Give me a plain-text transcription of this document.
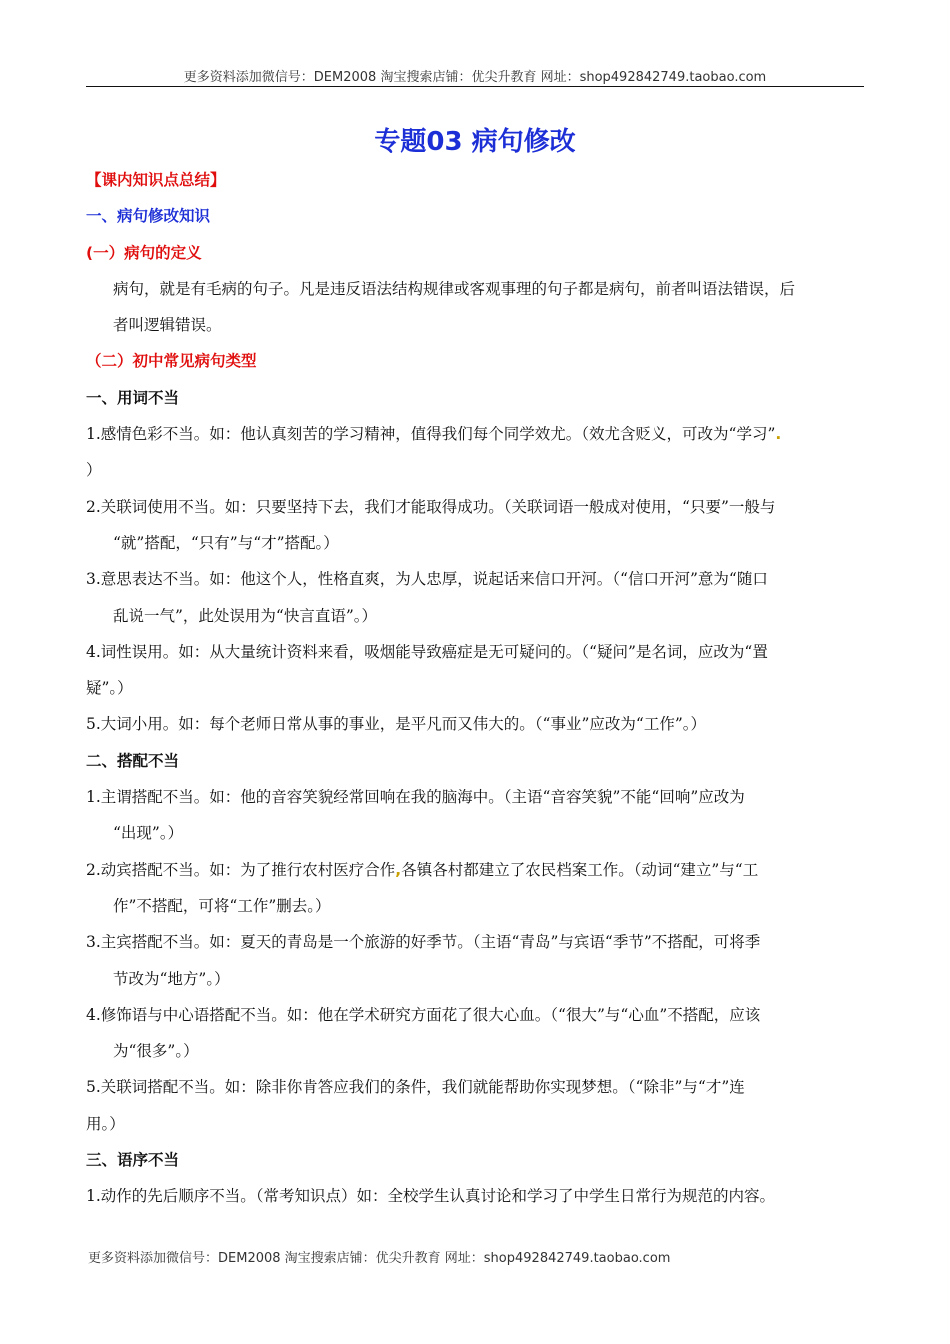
更多资料添加微信号：DEM2008 淘宝搜索店铺：优尖升教育 网址：shop492842749.taobao.com
专题03 病句修改
【课内知识点总结】
一、病句修改知识
(一）病句的定义
病句，就是有毛病的句子。凡是违反语法结构规律或客观事理的句子都是病句，前者叫语法错误，后
者叫逻辑错误。
（二）初中常见病句类型
一、用词不当
1.感情色彩不当。如：他认真刻苦的学习精神，值得我们每个同学效尤。（效尤含贬义，可改为“学习”.
）
2.关联词使用不当。如：只要坚持下去，我们才能取得成功。（关联词语一般成对使用，“只要”一般与
“就”搭配，“只有”与“才”搭配。）
3.意思表达不当。如：他这个人，性格直爽，为人忠厚，说起话来信口开河。（“信口开河”意为“随口
乱说一气”，此处误用为“快言直语”。）
4.词性误用。如：从大量统计资料来看，吸烟能导致癌症是无可疑问的。（“疑问”是名词，应改为“置
疑”。）
5.大词小用。如：每个老师日常从事的事业，是平凡而又伟大的。（“事业”应改为“工作”。）
二、搭配不当
1.主谓搭配不当。如：他的音容笑貌经常回响在我的脑海中。（主语“音容笑貌”不能“回响”应改为
“出现”。）
2.动宾搭配不当。如：为了推行农村医疗合作,各镇各村都建立了农民档案工作。（动词“建立”与“工
作”不搭配，可将“工作”删去。）
3.主宾搭配不当。如：夏天的青岛是一个旅游的好季节。（主语“青岛”与宾语“季节”不搭配，可将季
节改为“地方”。）
4.修饰语与中心语搭配不当。如：他在学术研究方面花了很大心血。（“很大”与“心血”不搭配，应该
为“很多”。）
5.关联词搭配不当。如：除非你肯答应我们的条件，我们就能帮助你实现梦想。（“除非”与“才”连
用。）
三、语序不当
1.动作的先后顺序不当。（常考知识点）如：全校学生认真讨论和学习了中学生日常行为规范的内容。
更多资料添加微信号：DEM2008 淘宝搜索店铺：优尖升教育 网址：shop492842749.taobao.com
